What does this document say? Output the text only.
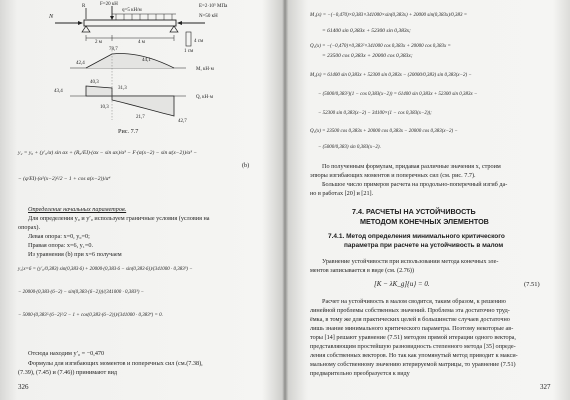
N
R	F=20 кН
q=5 кН/м
E=2·10⁵ МПа
N=50 кН
2 м	4 м	4 см
1 см
78,7
42,4
44,1
M, кН·м
43,4
40,3
31,3
10,3
21,7
42,7
Q, кН·м
Рис. 7.7
y₂ = y₀ + (y′₀/α) sin αx + (R₀/EI)·(αx − sin αx)/α³ − F·(α(x−2) − sin α(x−2))/α³ −
(b)
− (q/EI)·(α²(x−2)²/2 − 1 + cos α(x−2))/α⁴
Определение начальных параметров.
Для определения y₀ и y′₀ используем граничные условия (условия на
опорах).
Левая опора: x=0, y₀=0;
Правая опора: x=6, y₁=0.
Из уравнения (b) при x=6 получаем
y₂|x=6 = (y′₀/0,383) sin(0,383·6) + 20000·(0,383·6 − sin(0,383·6))/(341000 · 0,383³) −
− 20000·(0,383·(6−2) − sin(0,383·(6−2)))/(341000 · 0,383³) −
− 5000·(0,383²·(6−2)²/2 − 1 + cos(0,383·(6−2)))/(341000 · 0,383⁴) = 0.
Отсюда находим y′₀ = −0,470
Формулы для изгибающих моментов и поперечных сил (см.(7.38),
(7.39), (7.45) и (7.46)) принимают вид
326
M₁(x) = −(−0,470)×0,383×341000×sin(0,383x) + 20000 sin(0,383x)/0,383 =
= 61400 sin 0,383x + 52300 sin 0,383x;
Q₁(x) = −(−0,470)×0,383²×341000 cos 0,383x + 20000 cos 0,383x =
= 23500 cos 0,383x + 20000 cos 0,383x;
M₂(x) = 61400 sin 0,383x + 52300 sin 0,383x − (20000/0,383) sin 0,383(x−2) −
− (5000/0,383²)(1 − cos 0,383(x−2)) = 61400 sin 0,383x + 52300 sin 0,383x −
− 52300 sin 0,383(x−2) − 34100×(1 − cos 0,383(x−2));
Q₁(x) = 23500 cos 0,383x + 20000 cos 0,383x − 20000 cos 0,383(x−2) −
− (5000/0,383) sin 0,383(x−2).
По полученным формулам, придавая различные значения x, строим
эпюры изгибающих моментов и поперечных сил (см. рис. 7.7).
Большое число примеров расчета на продольно-поперечный изгиб да-
но в работах [20] и [21].
7.4. РАСЧЕТЫ НА УСТОЙЧИВОСТЬ
МЕТОДОМ КОНЕЧНЫХ ЭЛЕМЕНТОВ
7.4.1. Метод определения минимального критического
параметра при расчете на устойчивость в малом
Уравнение устойчивости при использовании метода конечных эле-
ментов записывается в виде (см. (2.76))
[K − λK_g]{u} = 0.	(7.51)
Расчет на устойчивость в малом сводится, таким образом, к решению
линейной проблемы собственных значений. Проблема эта достаточно труд-
ёмка, в тому же для практических целей в большинстве случаев достаточно
лишь знание минимального критического параметра. Поэтому некоторые ав-
торы [14] решают уравнение (7.51) методом прямой итерации одного вектора,
представляющим простейшую разновидность степенного метода [35] опреде-
ления собственных векторов. Но так как упомянутый метод приводит к макси-
мальному собственному значению итерируемой матрицы, то уравнение (7.51)
предварительно преобразуется к виду
327
